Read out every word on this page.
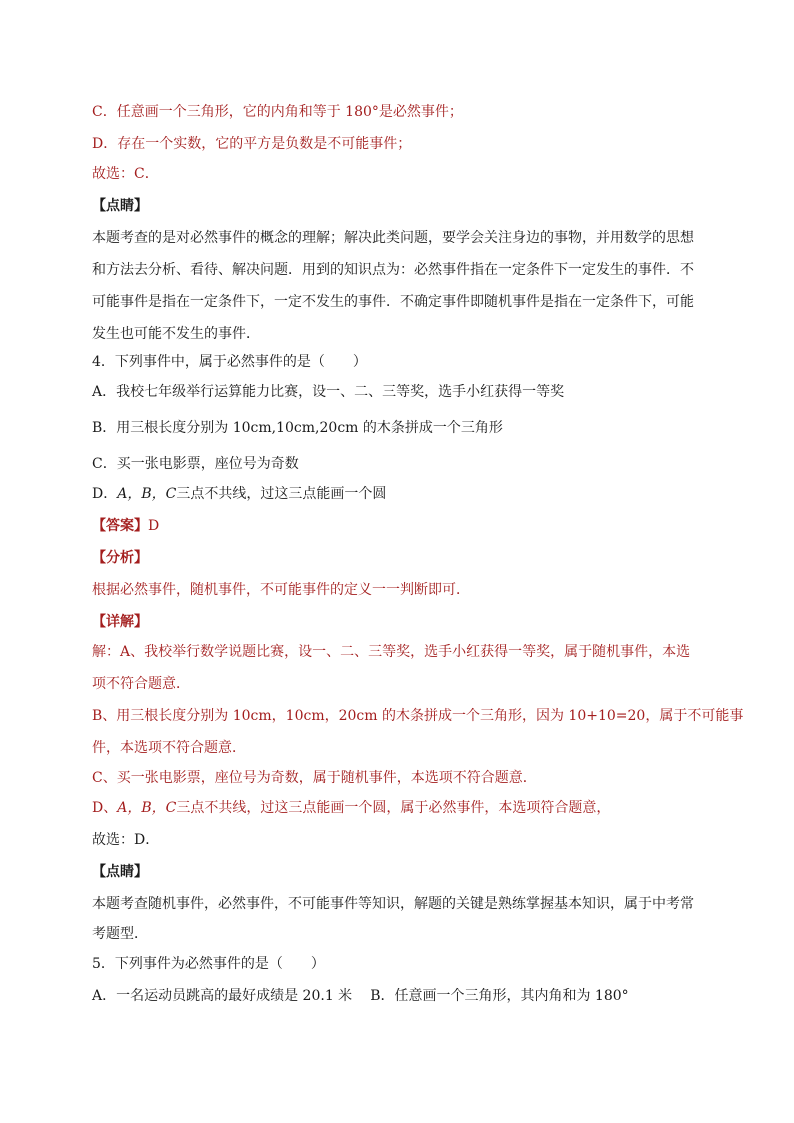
C．任意画一个三角形，它的内角和等于 180°是必然事件；
D．存在一个实数，它的平方是负数是不可能事件；
故选：C．
【点睛】
本题考查的是对必然事件的概念的理解；解决此类问题，要学会关注身边的事物，并用数学的思想
和方法去分析、看待、解决问题．用到的知识点为：必然事件指在一定条件下一定发生的事件．不
可能事件是指在一定条件下，一定不发生的事件．不确定事件即随机事件是指在一定条件下，可能
发生也可能不发生的事件．
4．下列事件中，属于必然事件的是（　　）
A．我校七年级举行运算能力比赛，设一、二、三等奖，选手小红获得一等奖
B．用三根长度分别为 10cm,10cm,20cm 的木条拼成一个三角形
C．买一张电影票，座位号为奇数
D．A，B，C三点不共线，过这三点能画一个圆
【答案】D
【分析】
根据必然事件，随机事件，不可能事件的定义一一判断即可．
【详解】
解：A、我校举行数学说题比赛，设一、二、三等奖，选手小红获得一等奖，属于随机事件，本选
项不符合题意．
B、用三根长度分别为 10cm，10cm，20cm 的木条拼成一个三角形，因为 10+10=20，属于不可能事
件，本选项不符合题意．
C、买一张电影票，座位号为奇数，属于随机事件，本选项不符合题意．
D、A，B，C三点不共线，过这三点能画一个圆，属于必然事件，本选项符合题意，
故选：D．
【点睛】
本题考查随机事件，必然事件，不可能事件等知识，解题的关键是熟练掌握基本知识，属于中考常
考题型．
5．下列事件为必然事件的是（　　）
A．一名运动员跳高的最好成绩是 20.1 米 B．任意画一个三角形，其内角和为 180°
